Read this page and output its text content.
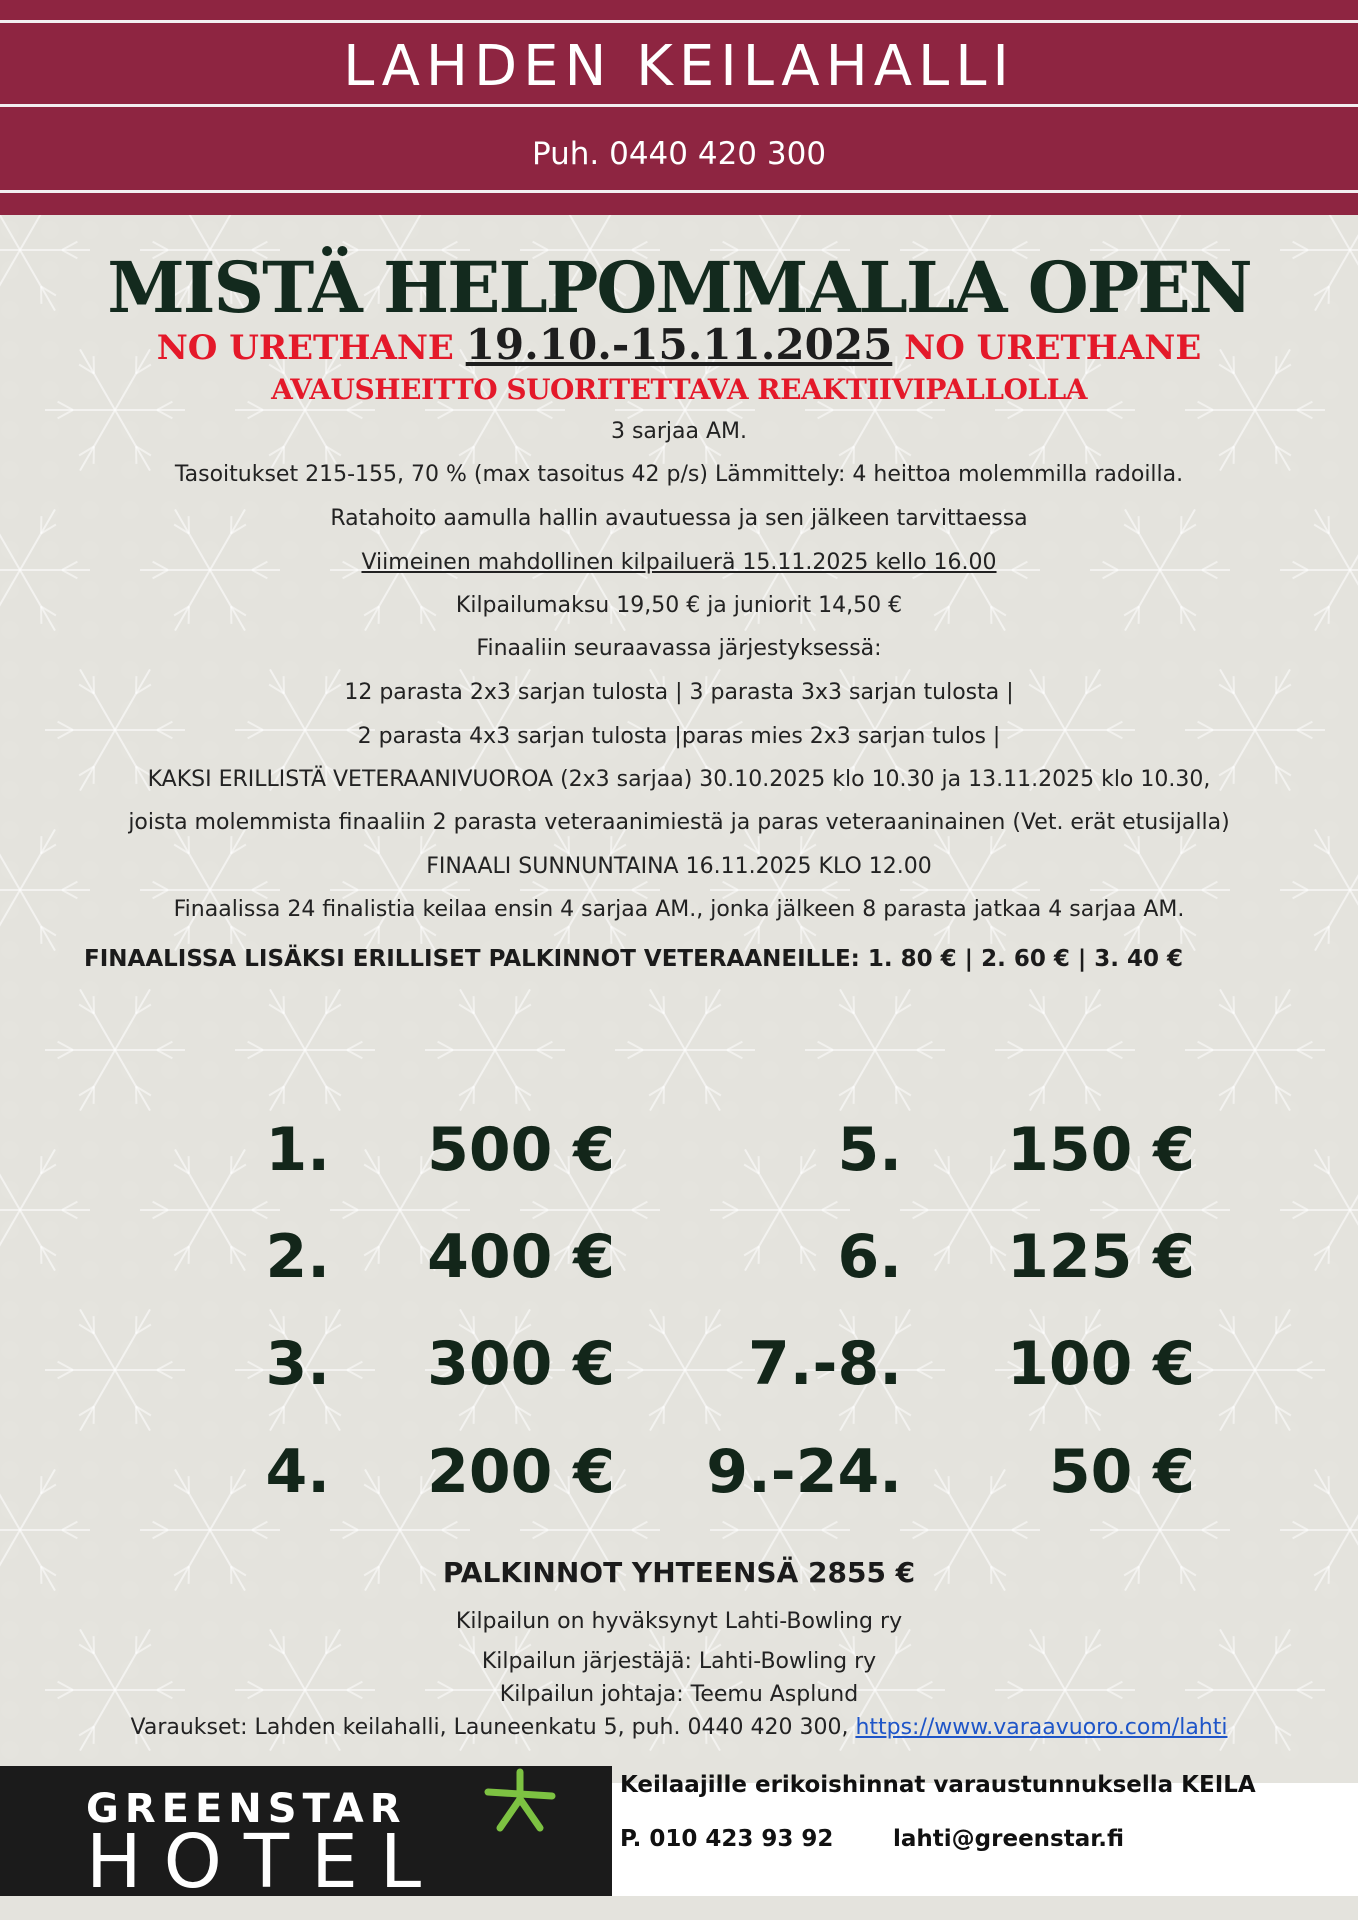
LAHDEN KEILAHALLI
Puh. 0440 420 300
MISTÄ HELPOMMALLA OPEN
NO URETHANE 19.10.-15.11.2025 NO URETHANE
AVAUSHEITTO SUORITETTAVA REAKTIIVIPALLOLLA
3 sarjaa AM.
Tasoitukset 215-155, 70 % (max tasoitus 42 p/s) Lämmittely: 4 heittoa molemmilla radoilla.
Ratahoito aamulla hallin avautuessa ja sen jälkeen tarvittaessa
Viimeinen mahdollinen kilpailuerä 15.11.2025 kello 16.00
Kilpailumaksu 19,50 € ja juniorit 14,50 €
Finaaliin seuraavassa järjestyksessä:
12 parasta 2x3 sarjan tulosta | 3 parasta 3x3 sarjan tulosta |
2 parasta 4x3 sarjan tulosta |paras mies 2x3 sarjan tulos |
KAKSI ERILLISTÄ VETERAANIVUOROA (2x3 sarjaa) 30.10.2025 klo 10.30 ja 13.11.2025 klo 10.30,
joista molemmista finaaliin 2 parasta veteraanimiestä ja paras veteraaninainen (Vet. erät etusijalla)
FINAALI SUNNUNTAINA 16.11.2025 KLO 12.00
Finaalissa 24 finalistia keilaa ensin 4 sarjaa AM., jonka jälkeen 8 parasta jatkaa 4 sarjaa AM.
FINAALISSA LISÄKSI ERILLISET PALKINNOT VETERAANEILLE: 1. 80 € | 2. 60 € | 3. 40 €
1.	500 €	5.	150 €
2.	400 €	6.	125 €
3.	300 €	7.-8.	100 €
4.	200 €	9.-24.	50 €
PALKINNOT YHTEENSÄ 2855 €
Kilpailun on hyväksynyt Lahti-Bowling ry
Kilpailun järjestäjä: Lahti-Bowling ry
Kilpailun johtaja: Teemu Asplund
Varaukset: Lahden keilahalli, Launeenkatu 5, puh. 0440 420 300, https://www.varaavuoro.com/lahti
GREENSTAR
HOTEL
Keilaajille erikoishinnat varaustunnuksella KEILA
P. 010 423 93 92	lahti@greenstar.fi
